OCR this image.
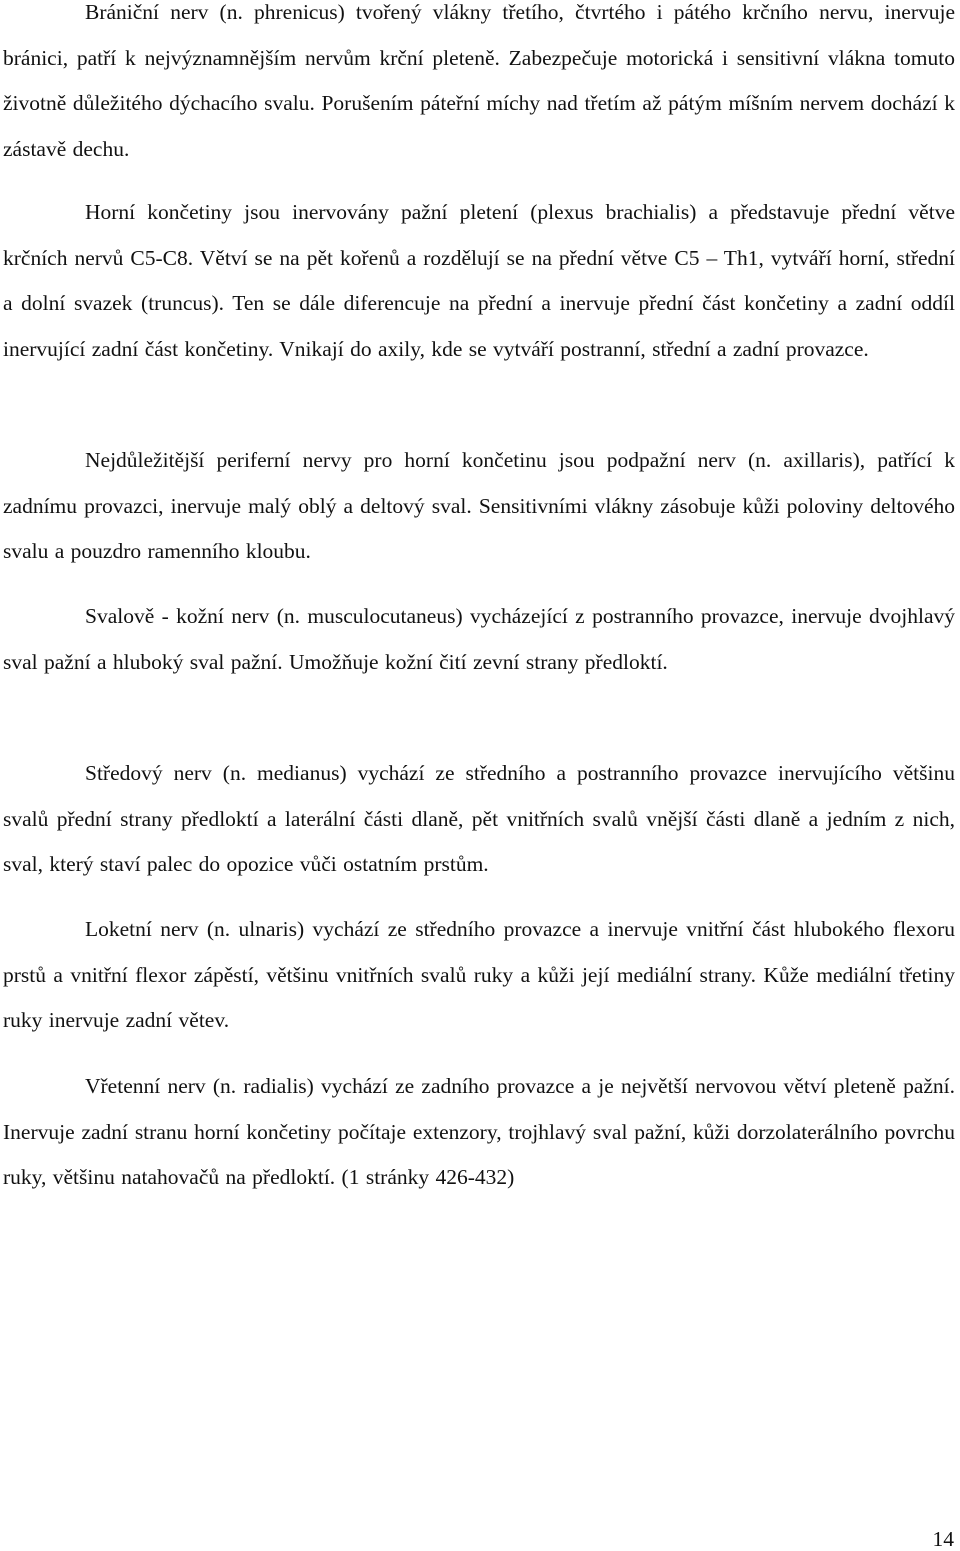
Brániční nerv (n. phrenicus) tvořený vlákny třetího, čtvrtého i pátého krčního nervu, inervuje bránici, patří k nejvýznamnějším nervům krční pleteně. Zabezpečuje motorická i sensitivní vlákna tomuto životně důležitého dýchacího svalu. Porušením páteřní míchy nad třetím až pátým míšním nervem dochází k zástavě dechu.

Horní končetiny jsou inervovány pažní pletení (plexus brachialis) a představuje přední větve krčních nervů C5-C8. Větví se na pět kořenů a rozdělují se na přední větve C5 – Th1, vytváří horní, střední a dolní svazek (truncus). Ten se dále diferencuje na přední a inervuje přední část končetiny a zadní oddíl inervující zadní část končetiny. Vnikají do axily, kde se vytváří postranní, střední a zadní provazce.

Nejdůležitější periferní nervy pro horní končetinu jsou podpažní nerv (n. axillaris), patřící k zadnímu provazci, inervuje malý oblý a deltový sval. Sensitivními vlákny zásobuje kůži poloviny deltového svalu a pouzdro ramenního kloubu.

Svalově - kožní nerv (n. musculocutaneus) vycházející z postranního provazce, inervuje dvojhlavý sval pažní a hluboký sval pažní. Umožňuje kožní čití zevní strany předloktí.

Středový nerv (n. medianus) vychází ze středního a postranního provazce inervujícího většinu svalů přední strany předloktí a laterální části dlaně, pět vnitřních svalů vnější části dlaně a jedním z nich, sval, který staví palec do opozice vůči ostatním prstům.

Loketní nerv (n. ulnaris) vychází ze středního provazce a inervuje vnitřní část hlubokého flexoru prstů a vnitřní flexor zápěstí, většinu vnitřních svalů ruky a kůži její mediální strany. Kůže mediální třetiny ruky inervuje zadní větev.

Vřetenní nerv (n. radialis) vychází ze zadního provazce a je největší nervovou větví pleteně pažní. Inervuje zadní stranu horní končetiny počítaje extenzory, trojhlavý sval pažní, kůži dorzolaterálního povrchu ruky, většinu natahovačů na předloktí. (1 stránky 426-432)

14
